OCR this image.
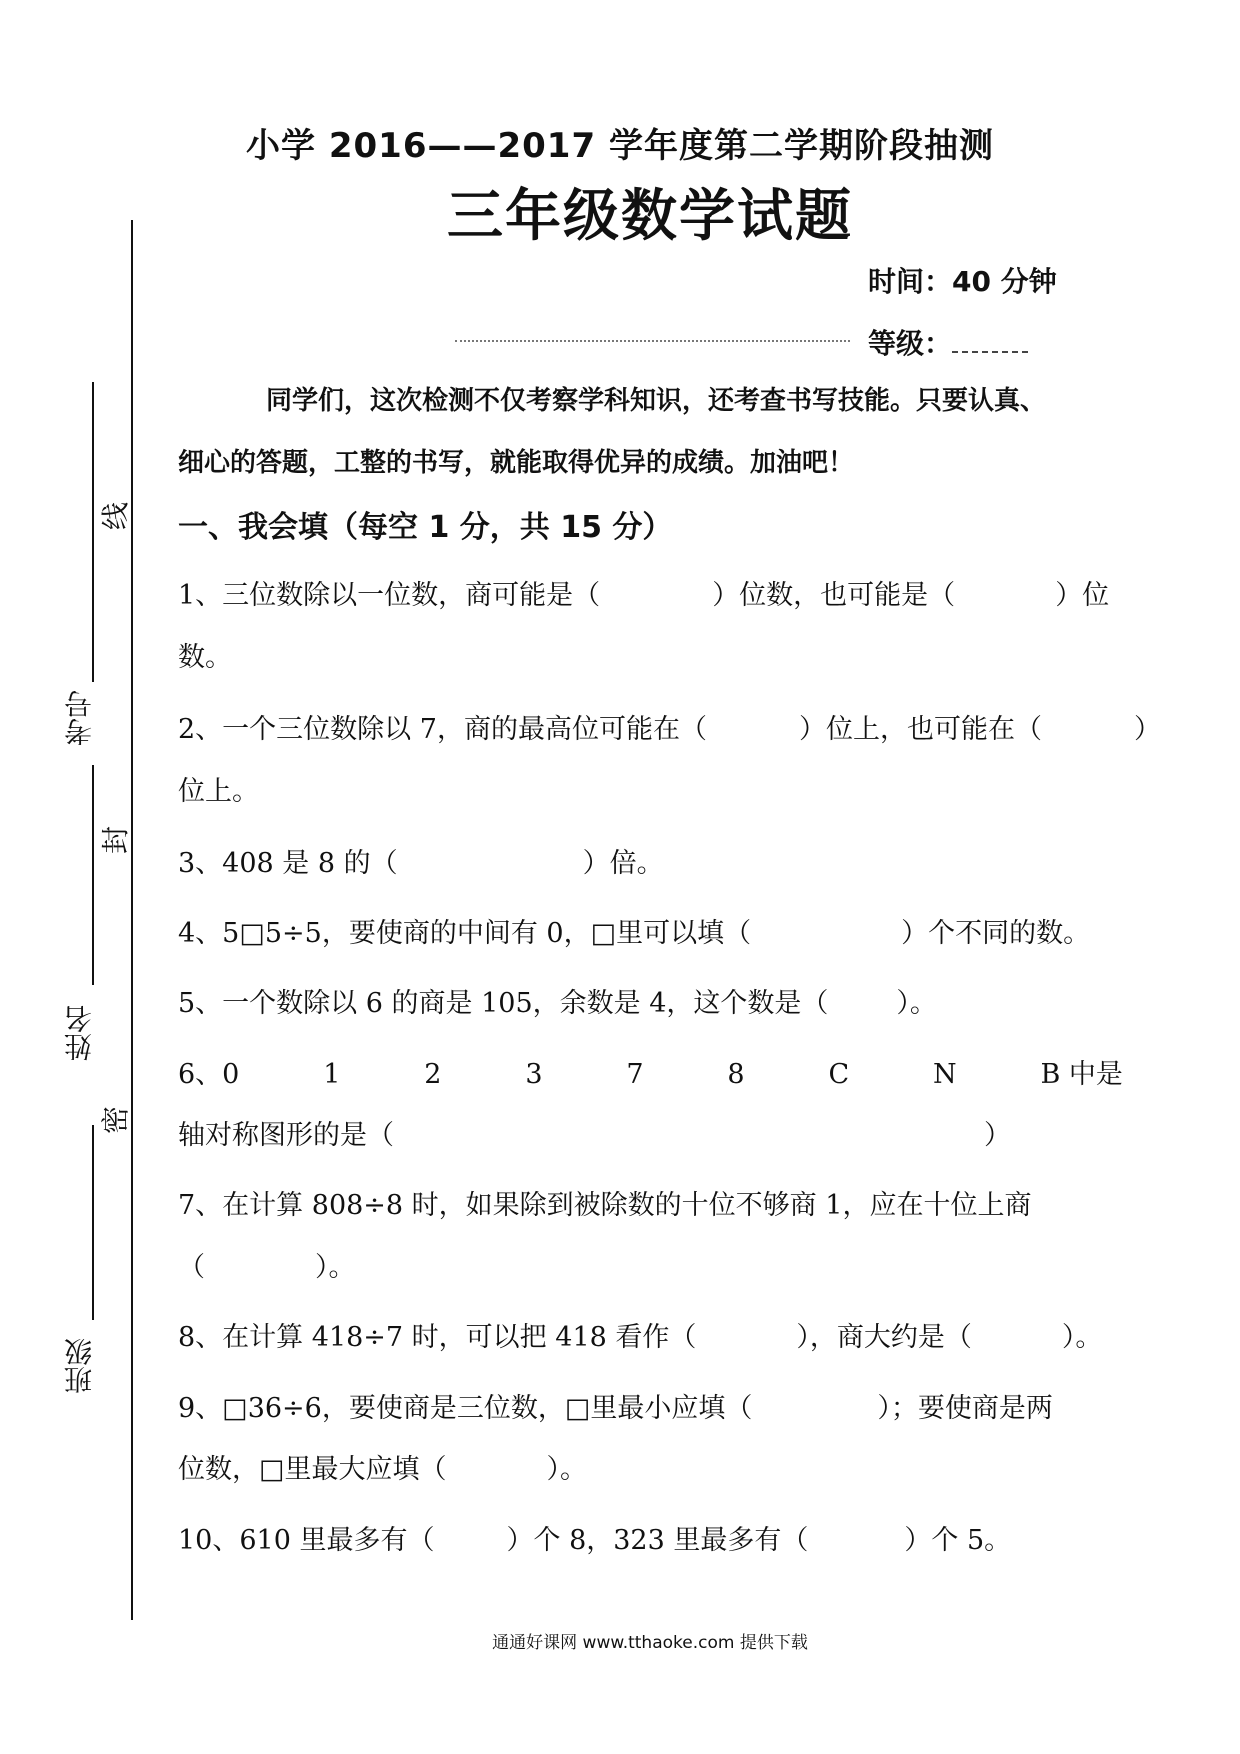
线
考号
封
姓名
密
班级
小学 2016——2017 学年度第二学期阶段抽测
三年级数学试题
时间：40 分钟
等级：

同学们，这次检测不仅考察学科知识，还考查书写技能。只要认真、

细心的答题，工整的书写，就能取得优异的成绩。加油吧！

一、我会填（每空 1 分，共 15 分）
1、三位数除以一位数，商可能是（	）位数，也可能是（	）位
数。
2、一个三位数除以 7，商的最高位可能在（	）位上，也可能在（	）
位上。
3、408 是 8 的（	）倍。
4、5□5÷5，要使商的中间有 0，□里可以填（	）个不同的数。
5、一个数除以 6 的商是 105，余数是 4，这个数是（	）。
6、0	1	2	3	7	8	C	N	B 中是
轴对称图形的是（	）
7、在计算 808÷8 时，如果除到被除数的十位不够商 1，应在十位上商
（	）。
8、在计算 418÷7 时，可以把 418 看作（	），商大约是（	）。
9、□36÷6，要使商是三位数，□里最小应填（	）；要使商是两
位数，□里最大应填（	）。
10、610 里最多有（	）个 8，323 里最多有（	）个 5。
通通好课网 www.tthaoke.com 提供下载
